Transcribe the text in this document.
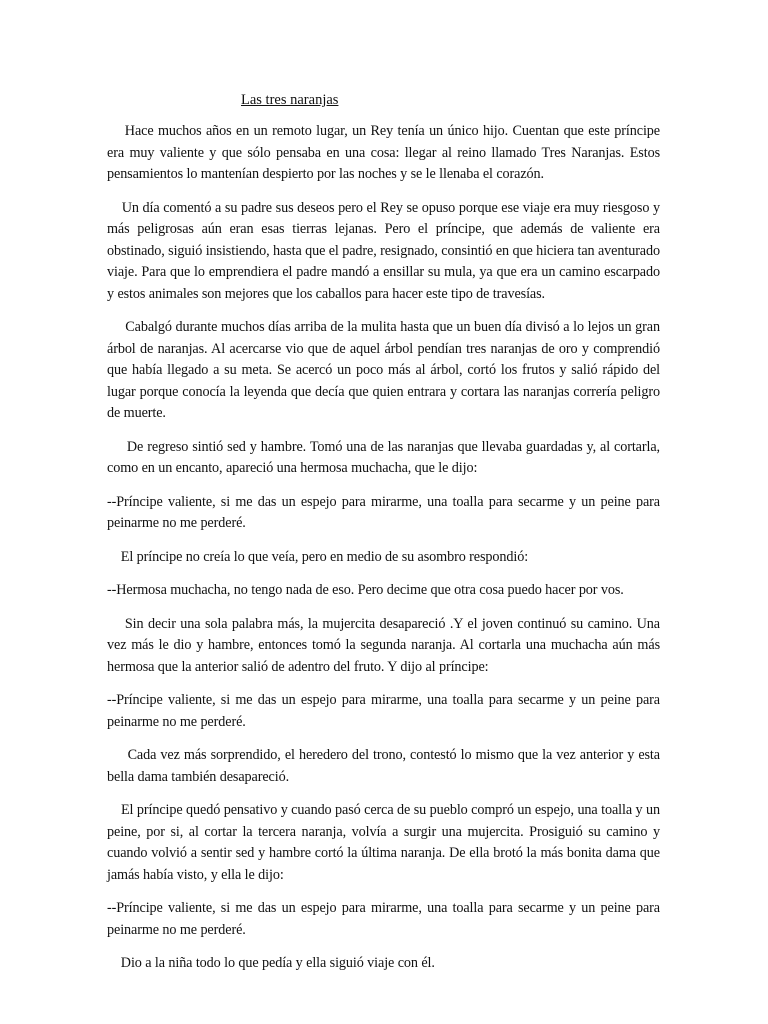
Las tres naranjas

Hace muchos años en un remoto lugar, un Rey tenía un único hijo. Cuentan que este príncipe era muy valiente y que sólo pensaba en una cosa: llegar al reino llamado Tres Naranjas. Estos pensamientos lo mantenían despierto por las noches y se le llenaba el corazón.

Un día comentó a su padre sus deseos pero el Rey se opuso porque ese viaje era muy riesgoso y más peligrosas aún eran esas tierras lejanas. Pero el príncipe, que además de valiente era obstinado, siguió insistiendo, hasta que el padre, resignado, consintió en que hiciera tan aventurado viaje. Para que lo emprendiera el padre mandó a ensillar su mula, ya que era un camino escarpado y estos animales son mejores que los caballos para hacer este tipo de travesías.

Cabalgó durante muchos días arriba de la mulita hasta que un buen día divisó a lo lejos un gran árbol de naranjas. Al acercarse vio que de aquel árbol pendían tres naranjas de oro y comprendió que había llegado a su meta. Se acercó un poco más al árbol, cortó los frutos y salió rápido del lugar porque conocía la leyenda que decía que quien entrara y cortara las naranjas correría peligro de muerte.

De regreso sintió sed y hambre. Tomó una de las naranjas que llevaba guardadas y, al cortarla, como en un encanto, apareció una hermosa muchacha, que le dijo:

--Príncipe valiente, si me das un espejo para mirarme, una toalla para secarme y un peine para peinarme no me perderé.

El príncipe no creía lo que veía, pero en medio de su asombro respondió:

--Hermosa muchacha, no tengo nada de eso. Pero decime que otra cosa puedo hacer por vos.

Sin decir una sola palabra más, la mujercita desapareció .Y el joven continuó su camino. Una vez más le dio y hambre, entonces tomó la segunda naranja. Al cortarla una muchacha aún más hermosa que la anterior salió de adentro del fruto. Y dijo al príncipe:

--Príncipe valiente, si me das un espejo para mirarme, una toalla para secarme y un peine para peinarme no me perderé.

Cada vez más sorprendido, el heredero del trono, contestó lo mismo que la vez anterior y esta bella dama también desapareció.

El príncipe quedó pensativo y cuando pasó cerca de su pueblo compró un espejo, una toalla y un peine, por si, al cortar la tercera naranja, volvía a surgir una mujercita. Prosiguió su camino y cuando volvió a sentir sed y hambre cortó la última naranja. De ella brotó la más bonita dama que jamás había visto, y ella le dijo:

--Príncipe valiente, si me das un espejo para mirarme, una toalla para secarme y un peine para peinarme no me perderé.

Dio a la niña todo lo que pedía y ella siguió viaje con él.
